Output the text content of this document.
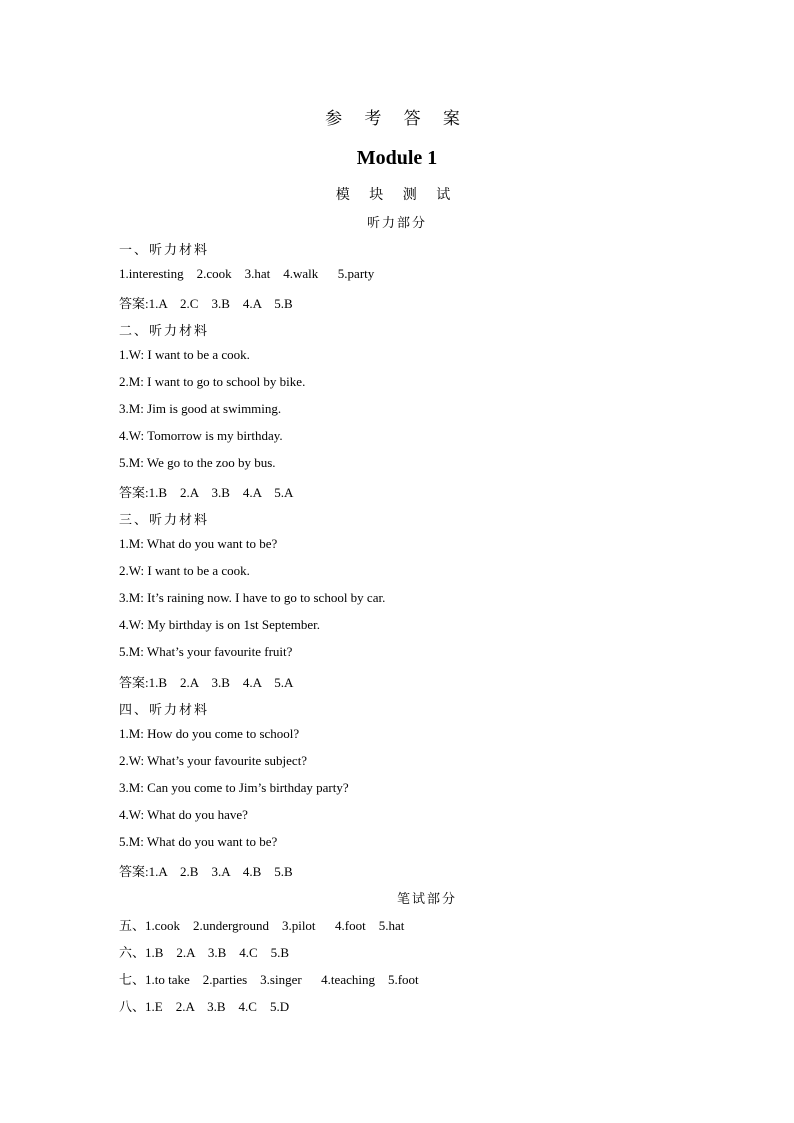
参 考 答 案
Module 1
模 块 测 试
听力部分
一、听力材料
1.interesting    2.cook    3.hat    4.walk      5.party
答案:1.A    2.C    3.B    4.A    5.B
二、听力材料
1.W: I want to be a cook.
2.M: I want to go to school by bike.
3.M: Jim is good at swimming.
4.W: Tomorrow is my birthday.
5.M: We go to the zoo by bus.
答案:1.B    2.A    3.B    4.A    5.A
三、听力材料
1.M: What do you want to be?
2.W: I want to be a cook.
3.M: It’s raining now. I have to go to school by car.
4.W: My birthday is on 1st September.
5.M: What’s your favourite fruit?
答案:1.B    2.A    3.B    4.A    5.A
四、听力材料
1.M: How do you come to school?
2.W: What’s your favourite subject?
3.M: Can you come to Jim’s birthday party?
4.W: What do you have?
5.M: What do you want to be?
答案:1.A    2.B    3.A    4.B    5.B
笔试部分
五、1.cook    2.underground    3.pilot      4.foot    5.hat
六、1.B    2.A    3.B    4.C    5.B
七、1.to take    2.parties    3.singer      4.teaching    5.foot
八、1.E    2.A    3.B    4.C    5.D
